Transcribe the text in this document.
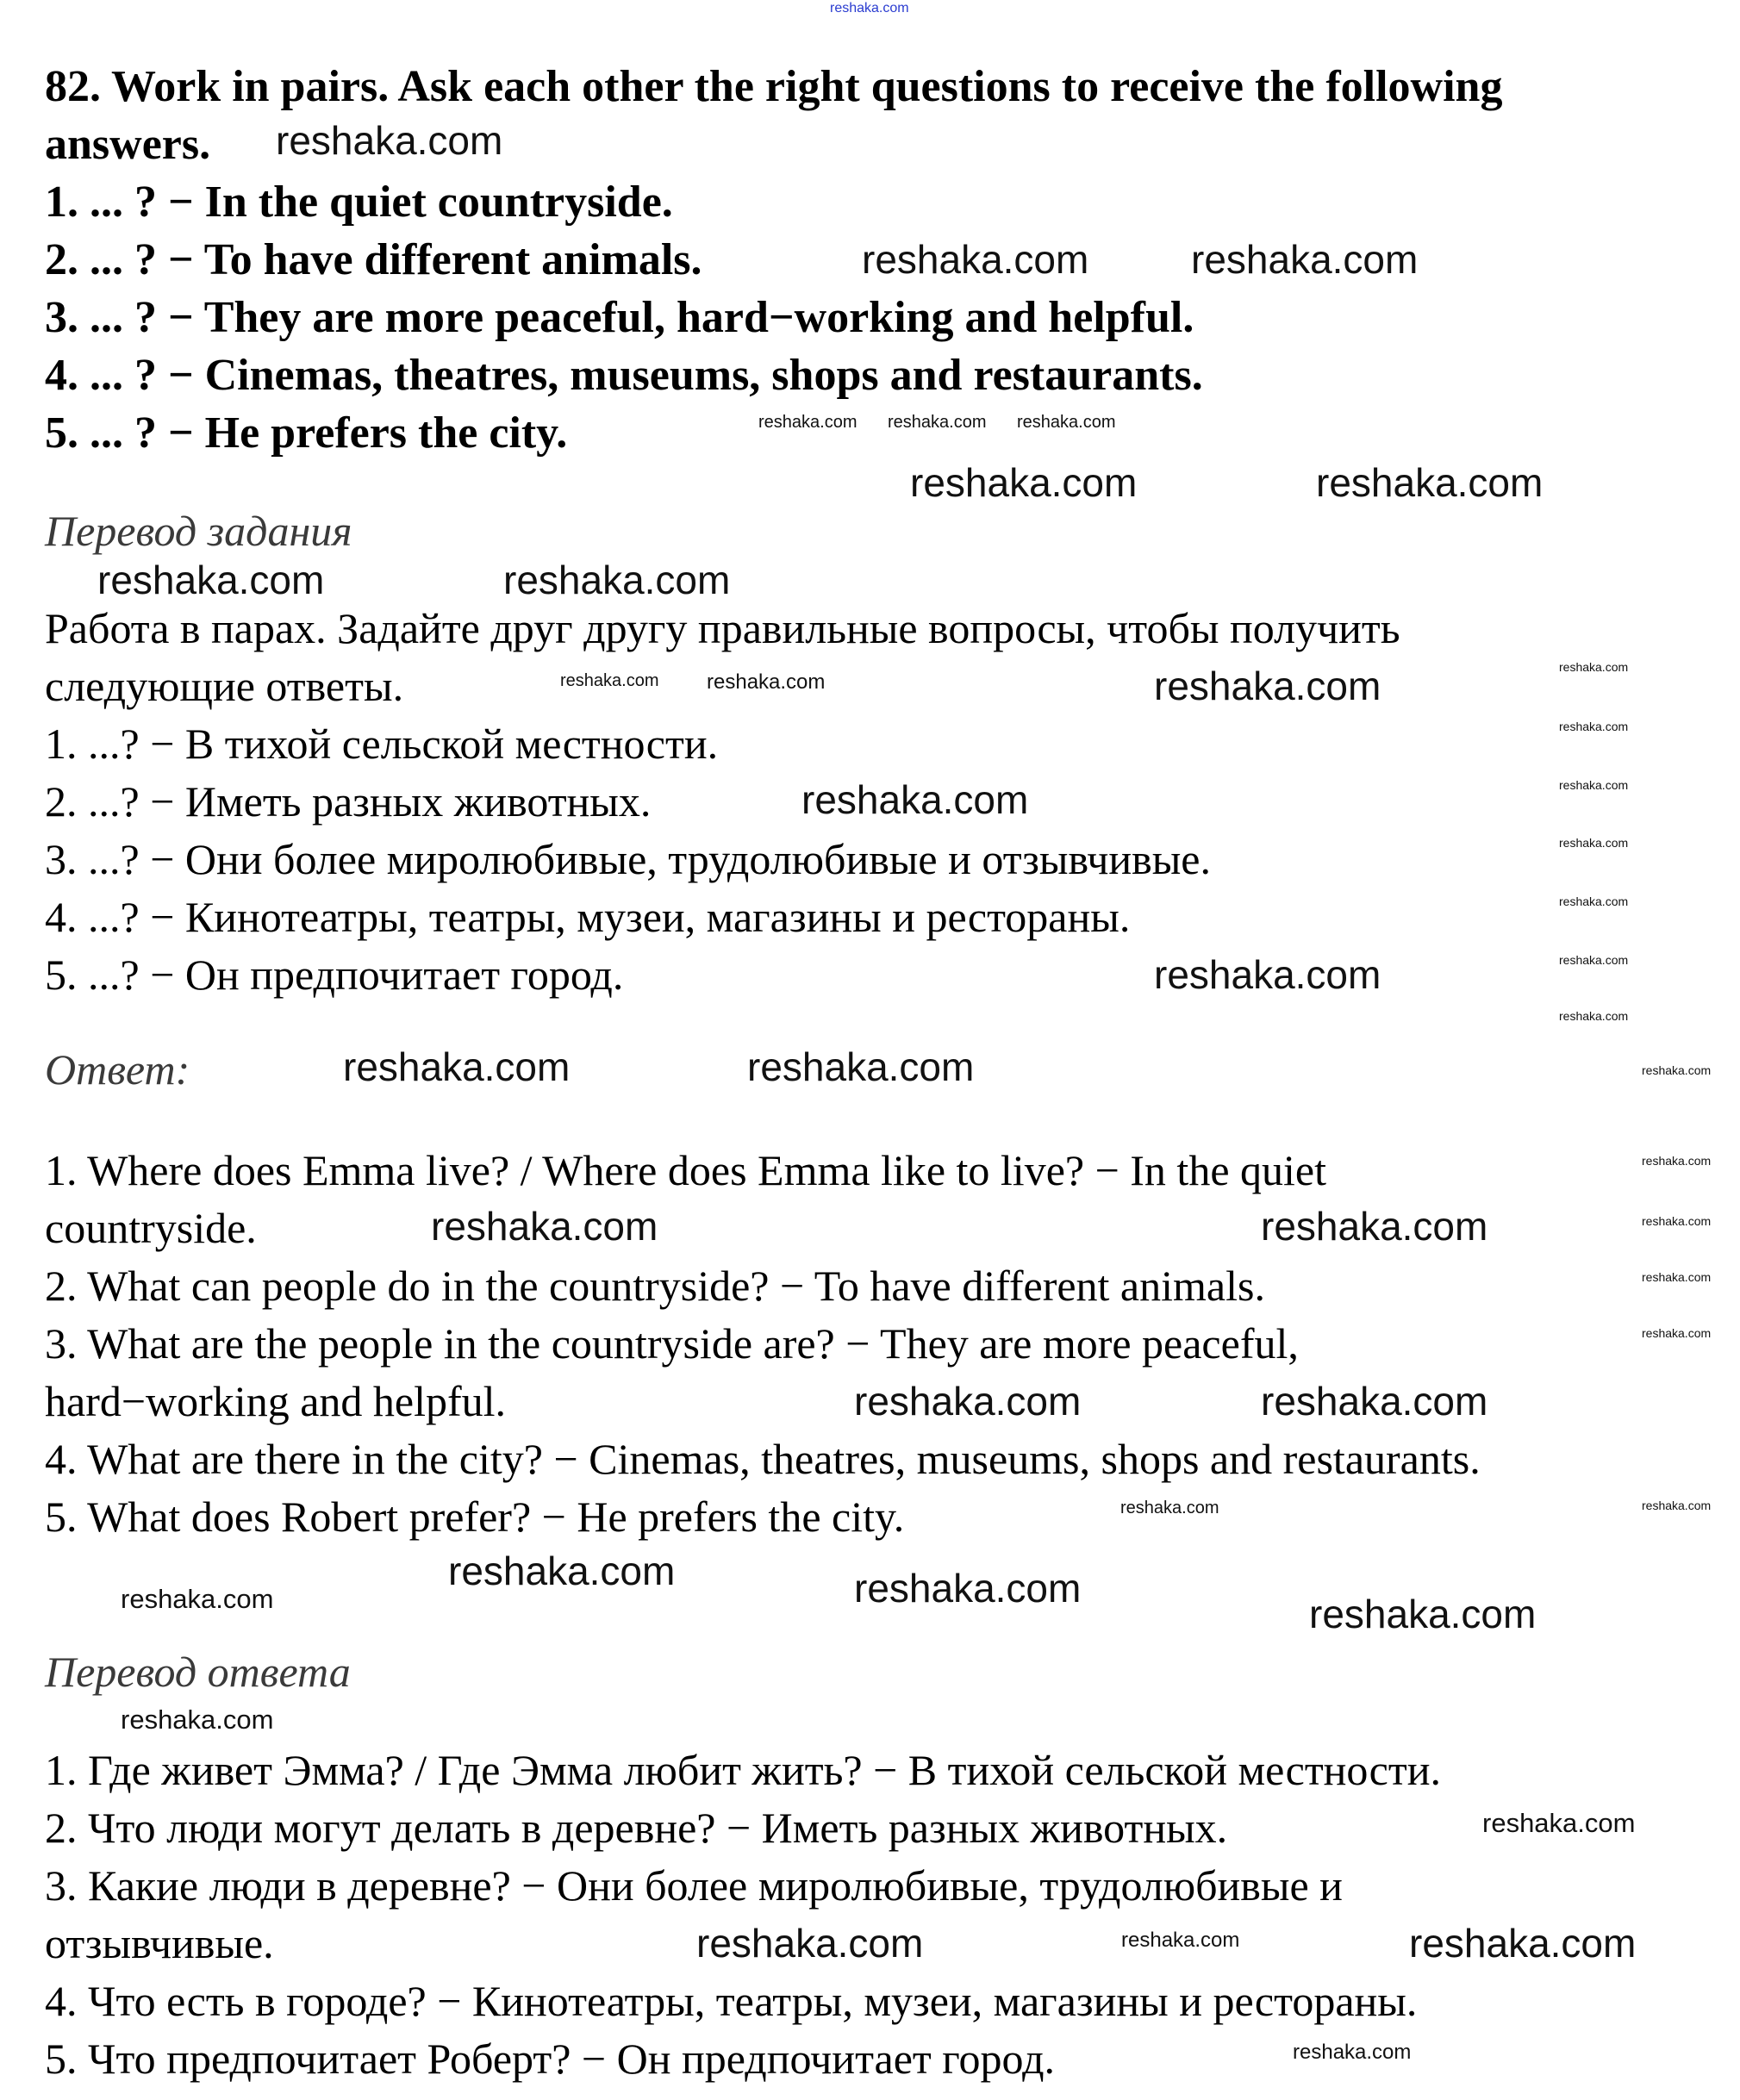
reshaka.com
82. Work in pairs. Ask each other the right questions to receive the following
answers.
1. ... ? − In the quiet countryside.
2. ... ? − To have different animals.
3. ... ? − They are more peaceful, hard−working and helpful.
4. ... ? − Cinemas, theatres, museums, shops and restaurants.
5. ... ? − He prefers the city.
Перевод задания
Работа в парах. Задайте друг другу правильные вопросы, чтобы получить
следующие ответы.
1. ...? − В тихой сельской местности.
2. ...? − Иметь разных животных.
3. ...? − Они более миролюбивые, трудолюбивые и отзывчивые.
4. ...? − Кинотеатры, театры, музеи, магазины и рестораны.
5. ...? − Он предпочитает город.
Ответ:
1. Where does Emma live? / Where does Emma like to live? − In the quiet
countryside.
2. What can people do in the countryside? − To have different animals.
3. What are the people in the countryside are? − They are more peaceful,
hard−working and helpful.
4. What are there in the city? − Cinemas, theatres, museums, shops and restaurants.
5. What does Robert prefer? − He prefers the city.
Перевод ответа
1. Где живет Эмма? / Где Эмма любит жить? − В тихой сельской местности.
2. Что люди могут делать в деревне? − Иметь разных животных.
3. Какие люди в деревне? − Они более миролюбивые, трудолюбивые и
отзывчивые.
4. Что есть в городе? − Кинотеатры, театры, музеи, магазины и рестораны.
5. Что предпочитает Роберт? − Он предпочитает город.
reshaka.com
reshaka.com	reshaka.com
reshaka.com	reshaka.com
reshaka.com	reshaka.com
reshaka.com
reshaka.com
reshaka.com
reshaka.com	reshaka.com
reshaka.com
reshaka.com
reshaka.com	reshaka.com
reshaka.com	reshaka.com
reshaka.com
reshaka.com	reshaka.com
reshaka.com
reshaka.com
reshaka.com
reshaka.com
reshaka.com
reshaka.com reshaka.com reshaka.com
reshaka.com reshaka.com
reshaka.com
reshaka.com
reshaka.com
reshaka.com
reshaka.com
reshaka.com
reshaka.com
reshaka.com
reshaka.com
reshaka.com
reshaka.com
reshaka.com
reshaka.com
reshaka.com
